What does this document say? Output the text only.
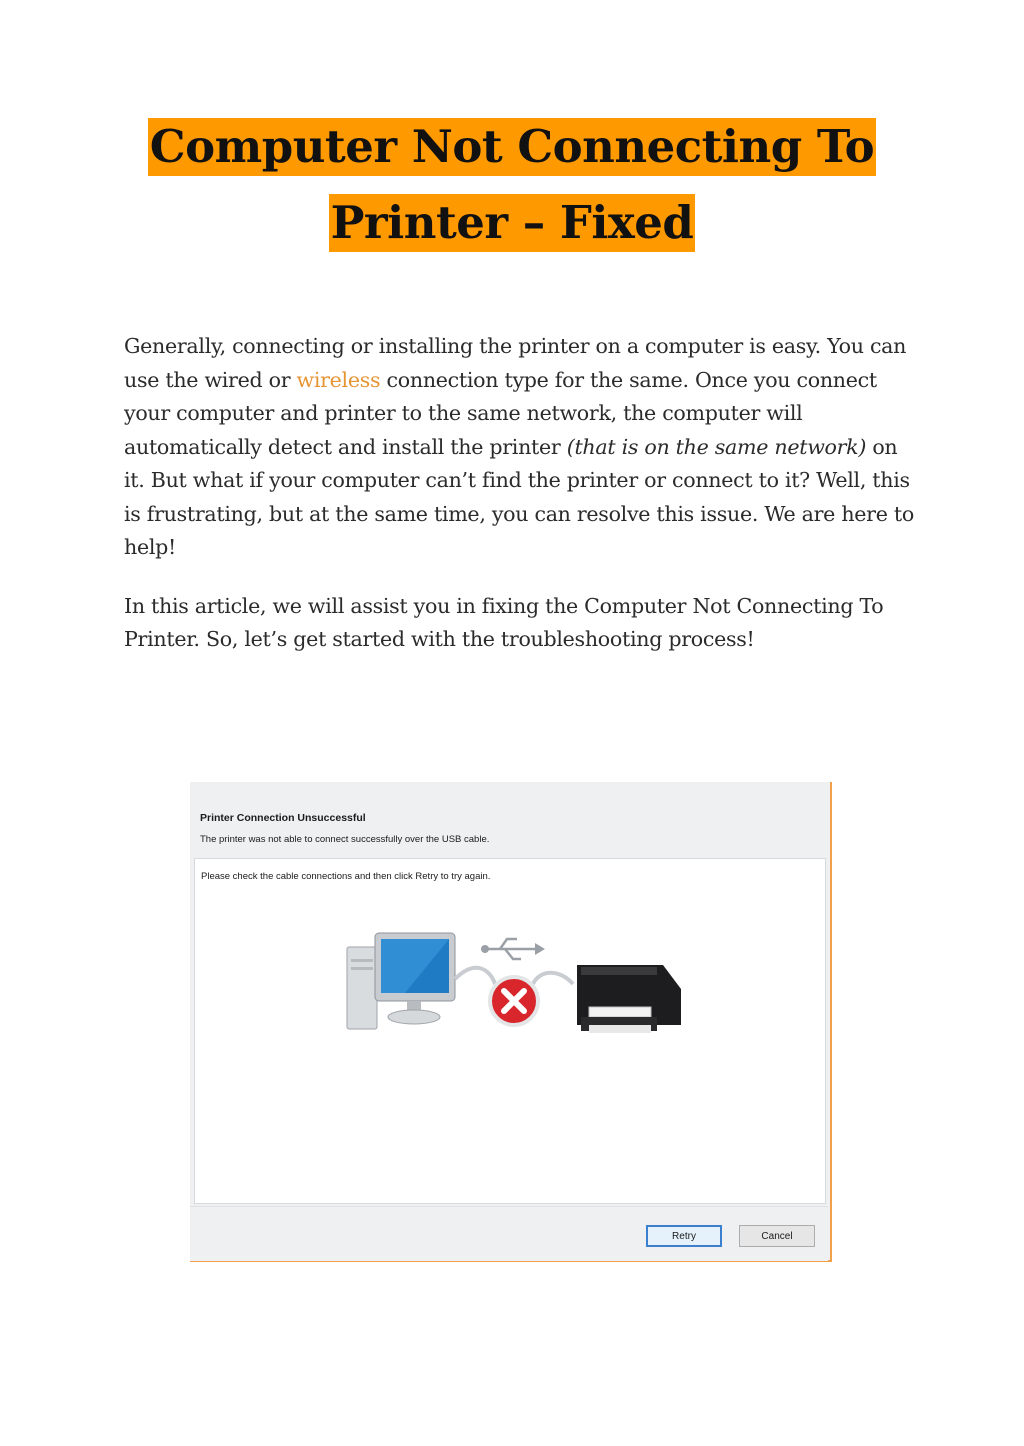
Computer Not Connecting To
Printer – Fixed

Generally, connecting or installing the printer on a computer is easy. You can use the wired or wireless connection type for the same. Once you connect your computer and printer to the same network, the computer will automatically detect and install the printer (that is on the same network) on it. But what if your computer can’t find the printer or connect to it? Well, this is frustrating, but at the same time, you can resolve this issue. We are here to help!

In this article, we will assist you in fixing the Computer Not Connecting To Printer. So, let’s get started with the troubleshooting process!

Printer Connection Unsuccessful
The printer was not able to connect successfully over the USB cable.
Please check the cable connections and then click Retry to try again.
Retry	Cancel
